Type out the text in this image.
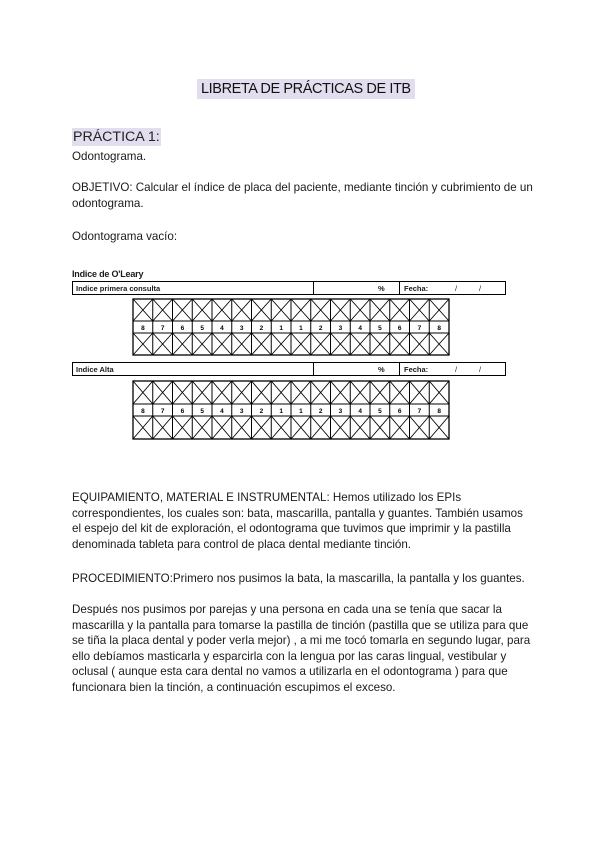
LIBRETA DE PRÁCTICAS DE ITB
PRÁCTICA 1:

Odontograma.

OBJETIVO: Calcular el índice de placa del paciente, mediante tinción y cubrimiento de un odontograma.

Odontograma vacío:

Indice de O'Leary
Indice primera consulta	%	Fecha:	/	/
8 7 6 5 4 3 2 1 1 2 3 4 5 6 7 8
Indice Alta	%	Fecha:	/	/
8 7 6 5 4 3 2 1 1 2 3 4 5 6 7 8

EQUIPAMIENTO, MATERIAL E INSTRUMENTAL: Hemos utilizado los EPIs correspondientes, los cuales son: bata, mascarilla, pantalla y guantes. También usamos el espejo del kit de exploración, el odontograma que tuvimos que imprimir y la pastilla denominada tableta para control de placa dental mediante tinción.

PROCEDIMIENTO:Primero nos pusimos la bata, la mascarilla, la pantalla y los guantes.

Después nos pusimos por parejas y una persona en cada una se tenía que sacar la mascarilla y la pantalla para tomarse la pastilla de tinción (pastilla que se utiliza para que se tiña la placa dental y poder verla mejor) , a mi me tocó tomarla en segundo lugar, para ello debíamos masticarla y esparcirla con la lengua por las caras lingual, vestibular y oclusal ( aunque esta cara dental no vamos a utilizarla en el odontograma ) para que funcionara bien la tinción, a continuación escupimos el exceso.
